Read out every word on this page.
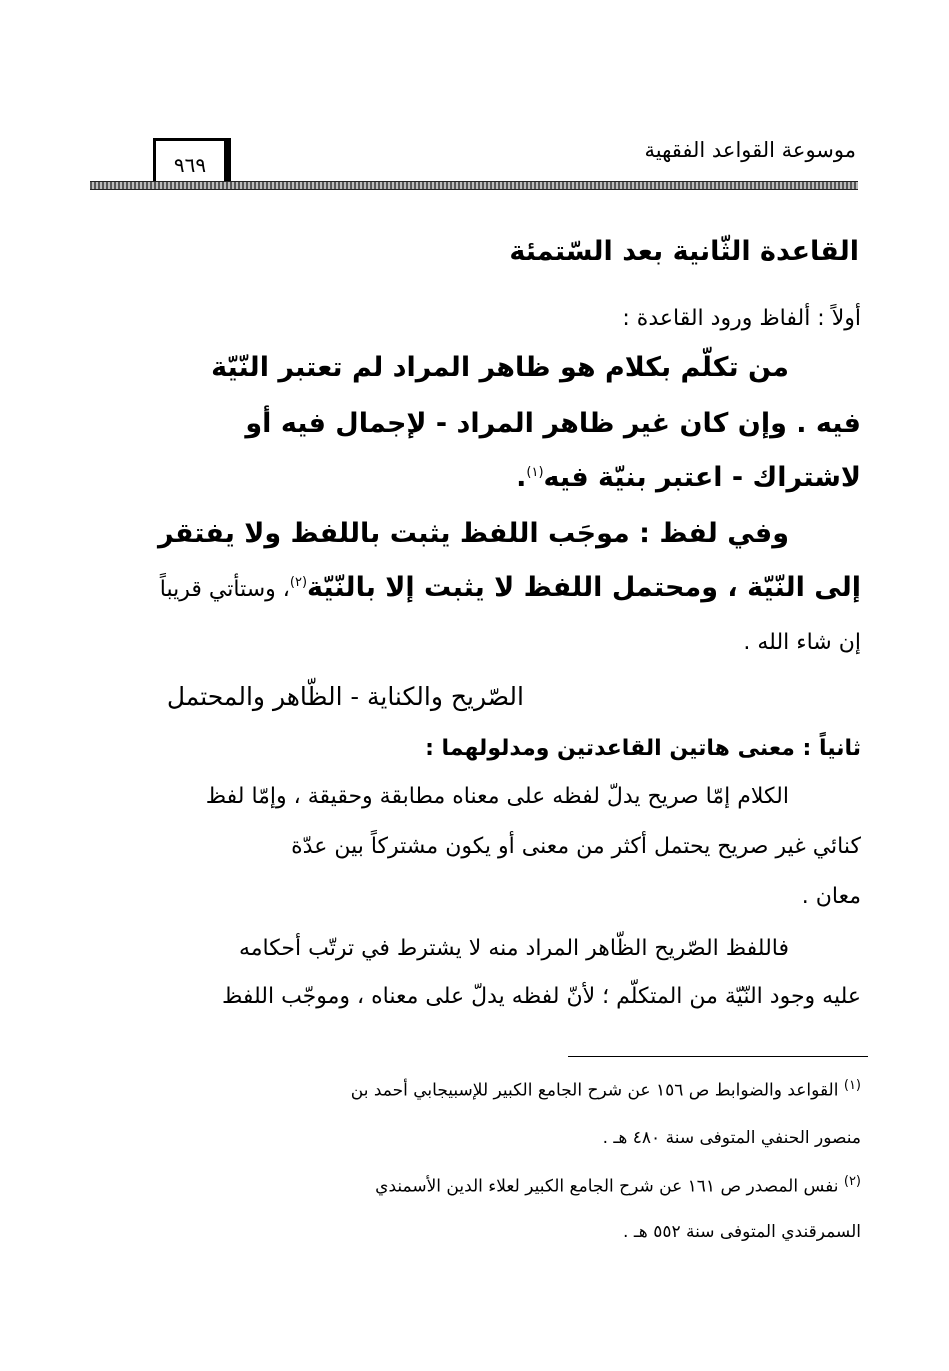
موسوعة القواعد الفقهية
٩٦٩
القاعدة الثّانية بعد السّتمئة
أولاً : ألفاظ ورود القاعدة :
من تكلّم بكلام هو ظاهر المراد لم تعتبر النّيّة
فيه . وإن كان غير ظاهر المراد - لإجمال فيه أو
لاشتراك - اعتبر بنيّة فيه$^{(١)}$.
وفي لفظ : موجَب اللفظ يثبت باللفظ ولا يفتقر
إلى النّيّة ، ومحتمل اللفظ لا يثبت إلا بالنّيّة$^{(٢)}$، وستأتي قريباً
إن شاء الله .
الصّريح والكناية - الظّاهر والمحتمل
ثانياً : معنى هاتين القاعدتين ومدلولهما :
الكلام إمّا صريح يدلّ لفظه على معناه مطابقة وحقيقة ، وإمّا لفظ
كنائي غير صريح يحتمل أكثر من معنى أو يكون مشتركاً بين عدّة
معان .
فاللفظ الصّريح الظّاهر المراد منه لا يشترط في ترتّب أحكامه
عليه وجود النّيّة من المتكلّم ؛ لأنّ لفظه يدلّ على معناه ، وموجّب اللفظ
$^{(١)}$ القواعد والضوابط ص ١٥٦ عن شرح الجامع الكبير للإسبيجابي أحمد بن
منصور الحنفي المتوفى سنة ٤٨٠ هـ .
$^{(٢)}$ نفس المصدر ص ١٦١ عن شرح الجامع الكبير لعلاء الدين الأسمندي
السمرقندي المتوفى سنة ٥٥٢ هـ .
